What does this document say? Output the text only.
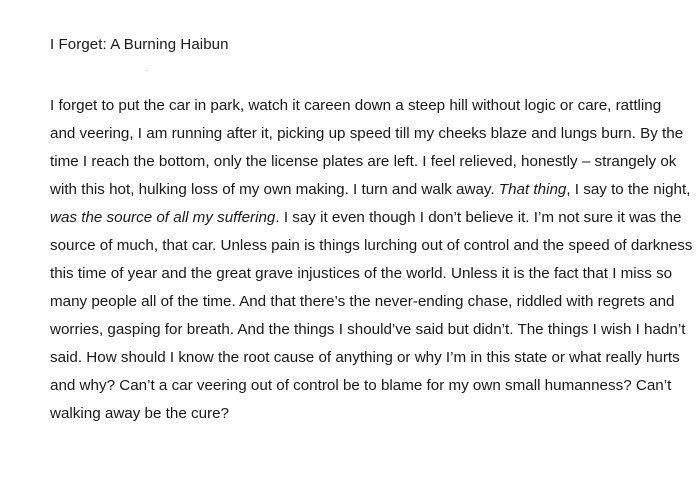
I Forget: A Burning Haibun
I forget to put the car in park, watch it careen down a steep hill without logic or care, rattling
and veering, I am running after it, picking up speed till my cheeks blaze and lungs burn. By the
time I reach the bottom, only the license plates are left. I feel relieved, honestly – strangely ok
with this hot, hulking loss of my own making. I turn and walk away. That thing, I say to the night,
was the source of all my suffering. I say it even though I don’t believe it. I’m not sure it was the
source of much, that car. Unless pain is things lurching out of control and the speed of darkness
this time of year and the great grave injustices of the world. Unless it is the fact that I miss so
many people all of the time. And that there’s the never-ending chase, riddled with regrets and
worries, gasping for breath. And the things I should’ve said but didn’t. The things I wish I hadn’t
said. How should I know the root cause of anything or why I’m in this state or what really hurts
and why? Can’t a car veering out of control be to blame for my own small humanness? Can’t
walking away be the cure?
